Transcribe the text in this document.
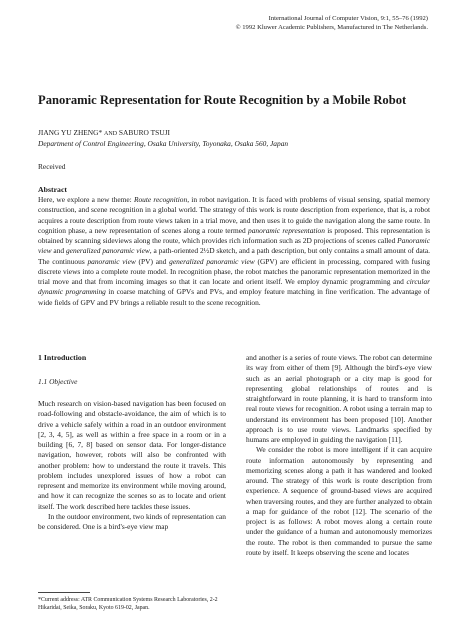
International Journal of Computer Vision, 9:1, 55–76 (1992)
© 1992 Kluwer Academic Publishers, Manufactured in The Netherlands.
Panoramic Representation for Route Recognition by a Mobile Robot
JIANG YU ZHENG* AND SABURO TSUJI
Department of Control Engineering, Osaka University, Toyonaka, Osaka 560, Japan
Received
Abstract
Here, we explore a new theme: Route recognition, in robot navigation. It is faced with problems of visual sensing, spatial memory construction, and scene recognition in a global world. The strategy of this work is route description from experience, that is, a robot acquires a route description from route views taken in a trial move, and then uses it to guide the navigation along the same route. In cognition phase, a new representation of scenes along a route termed panoramic representation is proposed. This representation is obtained by scanning sideviews along the route, which provides rich information such as 2D projections of scenes called Panoramic view and generalized panoramic view, a path-oriented 2½D sketch, and a path description, but only contains a small amount of data. The continuous panoramic view (PV) and generalized panoramic view (GPV) are efficient in processing, compared with fusing discrete views into a complete route model. In recognition phase, the robot matches the panoramic representation memorized in the trial move and that from incoming images so that it can locate and orient itself. We employ dynamic programming and circular dynamic programming in coarse matching of GPVs and PVs, and employ feature matching in fine verification. The advantage of wide fields of GPV and PV brings a reliable result to the scene recognition.
1 Introduction
1.1 Objective

Much research on vision-based navigation has been focused on road-following and obstacle-avoidance, the aim of which is to drive a vehicle safely within a road in an outdoor environment [2, 3, 4, 5], as well as within a free space in a room or in a building [6, 7, 8] based on sensor data. For longer-distance navigation, however, robots will also be confronted with another problem: how to understand the route it travels. This problem includes unexplored issues of how a robot can represent and memorize its environment while moving around, and how it can recognize the scenes so as to locate and orient itself. The work described here tackles these issues.

In the outdoor environment, two kinds of representation can be considered. One is a bird's-eye view map

and another is a series of route views. The robot can determine its way from either of them [9]. Although the bird's-eye view such as an aerial photograph or a city map is good for representing global relationships of routes and is straightforward in route planning, it is hard to transform into real route views for recognition. A robot using a terrain map to understand its environment has been proposed [10]. Another approach is to use route views. Landmarks specified by humans are employed in guiding the navigation [11].

We consider the robot is more intelligent if it can acquire route information autonomously by representing and memorizing scenes along a path it has wandered and looked around. The strategy of this work is route description from experience. A sequence of ground-based views are acquired when traversing routes, and they are further analyzed to obtain a map for guidance of the robot [12]. The scenario of the project is as follows: A robot moves along a certain route under the guidance of a human and autonomously memorizes the route. The robot is then commanded to pursue the same route by itself. It keeps observing the scene and locates

*Current address: ATR Communication Systems Research Laboratories, 2-2 Hikaridai, Seika, Soraku, Kyoto 619-02, Japan.
